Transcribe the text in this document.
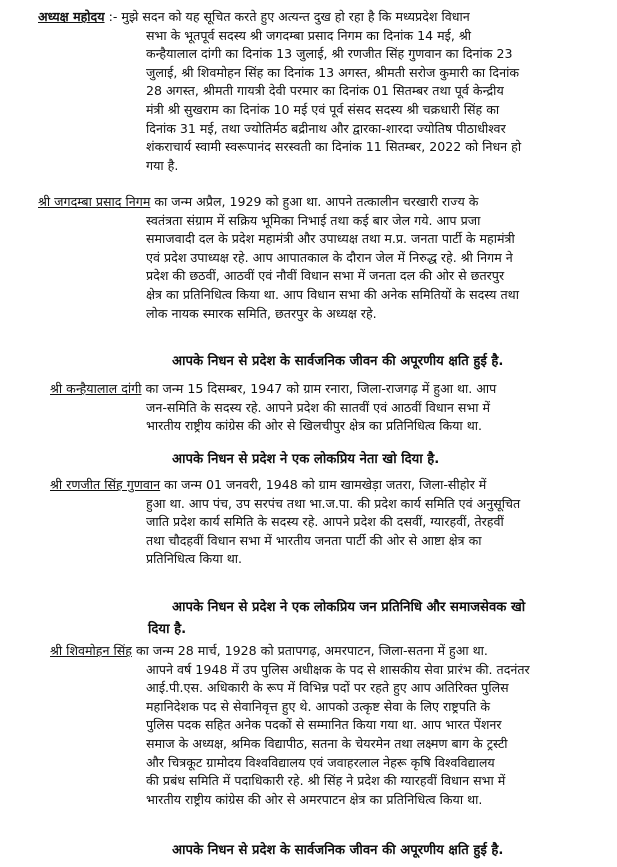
अध्यक्ष महोदय :- मुझे सदन को यह सूचित करते हुए अत्यन्त दुख हो रहा है कि मध्यप्रदेश विधान
सभा के भूतपूर्व सदस्य श्री जगदम्बा प्रसाद निगम का दिनांक 14 मई, श्री
कन्हैयालाल दांगी का दिनांक 13 जुलाई, श्री रणजीत सिंह गुणवान का दिनांक 23
जुलाई, श्री शिवमोहन सिंह का दिनांक 13 अगस्त, श्रीमती सरोज कुमारी का दिनांक
28 अगस्त, श्रीमती गायत्री देवी परमार का दिनांक 01 सितम्बर तथा पूर्व केन्द्रीय
मंत्री श्री सुखराम का दिनांक 10 मई एवं पूर्व संसद सदस्य श्री चक्रधारी सिंह का
दिनांक 31 मई, तथा ज्योतिर्मठ बद्रीनाथ और द्वारका-शारदा ज्योतिष पीठाधीश्वर
शंकराचार्य स्वामी स्वरूपानंद सरस्वती का दिनांक 11 सितम्बर, 2022 को निधन हो
गया है.
श्री जगदम्बा प्रसाद निगम का जन्म अप्रैल, 1929 को हुआ था. आपने तत्कालीन चरखारी राज्य के
स्वतंत्रता संग्राम में सक्रिय भूमिका निभाई तथा कई बार जेल गये. आप प्रजा
समाजवादी दल के प्रदेश महामंत्री और उपाध्यक्ष तथा म.प्र. जनता पार्टी के महामंत्री
एवं प्रदेश उपाध्यक्ष रहे. आप आपातकाल के दौरान जेल में निरुद्ध रहे. श्री निगम ने
प्रदेश की छठवीं, आठवीं एवं नौवीं विधान सभा में जनता दल की ओर से छतरपुर
क्षेत्र का प्रतिनिधित्व किया था. आप विधान सभा की अनेक समितियों के सदस्य तथा
लोक नायक स्मारक समिति, छतरपुर के अध्यक्ष रहे.
आपके निधन से प्रदेश के सार्वजनिक जीवन की अपूरणीय क्षति हुई है.
श्री कन्हैयालाल दांगी का जन्म 15 दिसम्बर, 1947 को ग्राम रनारा, जिला-राजगढ़ में हुआ था. आप
जन-समिति के सदस्य रहे. आपने प्रदेश की सातवीं एवं आठवीं विधान सभा में
भारतीय राष्ट्रीय कांग्रेस की ओर से खिलचीपुर क्षेत्र का प्रतिनिधित्व किया था.
आपके निधन से प्रदेश ने एक लोकप्रिय नेता खो दिया है.
श्री रणजीत सिंह गुणवान का जन्म 01 जनवरी, 1948 को ग्राम खामखेड़ा जतरा, जिला-सीहोर में
हुआ था. आप पंच, उप सरपंच तथा भा.ज.पा. की प्रदेश कार्य समिति एवं अनुसूचित
जाति प्रदेश कार्य समिति के सदस्य रहे. आपने प्रदेश की दसवीं, ग्यारहवीं, तेरहवीं
तथा चौदहवीं विधान सभा में भारतीय जनता पार्टी की ओर से आष्टा क्षेत्र का
प्रतिनिधित्व किया था.
आपके निधन से प्रदेश ने एक लोकप्रिय जन प्रतिनिधि और समाजसेवक खो
दिया है.
श्री शिवमोहन सिंह का जन्म 28 मार्च, 1928 को प्रतापगढ़, अमरपाटन, जिला-सतना में हुआ था.
आपने वर्ष 1948 में उप पुलिस अधीक्षक के पद से शासकीय सेवा प्रारंभ की. तदनंतर
आई.पी.एस. अधिकारी के रूप में विभिन्न पदों पर रहते हुए आप अतिरिक्त पुलिस
महानिदेशक पद से सेवानिवृत्त हुए थे. आपको उत्कृष्ट सेवा के लिए राष्ट्रपति के
पुलिस पदक सहित अनेक पदकों से सम्मानित किया गया था. आप भारत पेंशनर
समाज के अध्यक्ष, श्रमिक विद्यापीठ, सतना के चेयरमेन तथा लक्ष्मण बाग के ट्रस्टी
और चित्रकूट ग्रामोदय विश्वविद्यालय एवं जवाहरलाल नेहरू कृषि विश्वविद्यालय
की प्रबंध समिति में पदाधिकारी रहे. श्री सिंह ने प्रदेश की ग्यारहवीं विधान सभा में
भारतीय राष्ट्रीय कांग्रेस की ओर से अमरपाटन क्षेत्र का प्रतिनिधित्व किया था.
आपके निधन से प्रदेश के सार्वजनिक जीवन की अपूरणीय क्षति हुई है.
